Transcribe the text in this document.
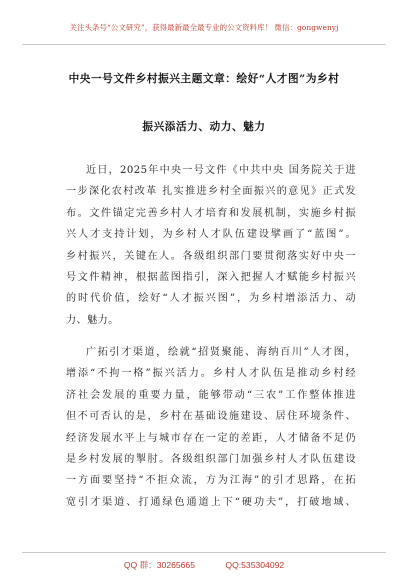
关注头条号“公文研究”，获得最新最全最专业的公文资料库！ 微信：gongwenyj
中央一号文件乡村振兴主题文章：绘好“人才图”为乡村
振兴添活力、动力、魅力
近日，2025年中央一号文件《中共中央 国务院关于进
一步深化农村改革 扎实推进乡村全面振兴的意见》正式发
布。文件锚定完善乡村人才培育和发展机制，实施乡村振
兴人才支持计划，为乡村人才队伍建设擘画了“蓝图”。
乡村振兴，关键在人。各级组织部门要贯彻落实好中央一
号文件精神，根据蓝图指引，深入把握人才赋能乡村振兴
的时代价值，绘好“人才振兴图”，为乡村增添活力、动
力、魅力。
广拓引才渠道，绘就“招贤聚能、海纳百川”人才图，
增添“不拘一格”振兴活力。乡村人才队伍是推动乡村经
济社会发展的重要力量，能够带动“三农”工作整体推进
但不可否认的是，乡村在基础设施建设、居住环境条件、
经济发展水平上与城市存在一定的差距，人才储备不足仍
是乡村发展的掣肘。各级组织部门加强乡村人才队伍建设
一方面要坚持“不拒众流，方为江海”的引才思路，在拓
宽引才渠道、打通绿色通道上下“硬功夫”，打破地域、
QQ 群：30265665	QQ:535304092
